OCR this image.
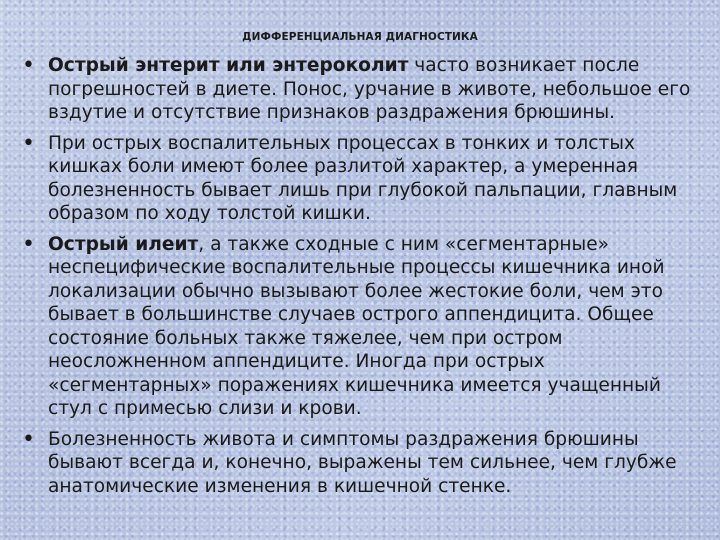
ДИФФЕРЕНЦИАЛЬНАЯ ДИАГНОСТИКА
• Острый энтерит или энтероколит часто возникает после погрешностей в диете. Понос, урчание в животе, небольшое его вздутие и отсутствие признаков раздражения брюшины.
• При острых воспалительных процессах в тонких и толстых кишках боли имеют более разлитой характер, а умеренная болезненность бывает лишь при глубокой пальпации, главным образом по ходу толстой кишки.
• Острый илеит, а также сходные с ним «сегментарные» неспецифические воспалительные процессы кишечника иной локализации обычно вызывают более жестокие боли, чем это бывает в большинстве случаев острого аппендицита. Общее состояние больных также тяжелее, чем при остром неосложненном аппендиците. Иногда при острых «сегментарных» поражениях кишечника имеется учащенный стул с примесью слизи и крови.
• Болезненность живота и симптомы раздражения брюшины бывают всегда и, конечно, выражены тем сильнее, чем глубже анатомические изменения в кишечной стенке.
